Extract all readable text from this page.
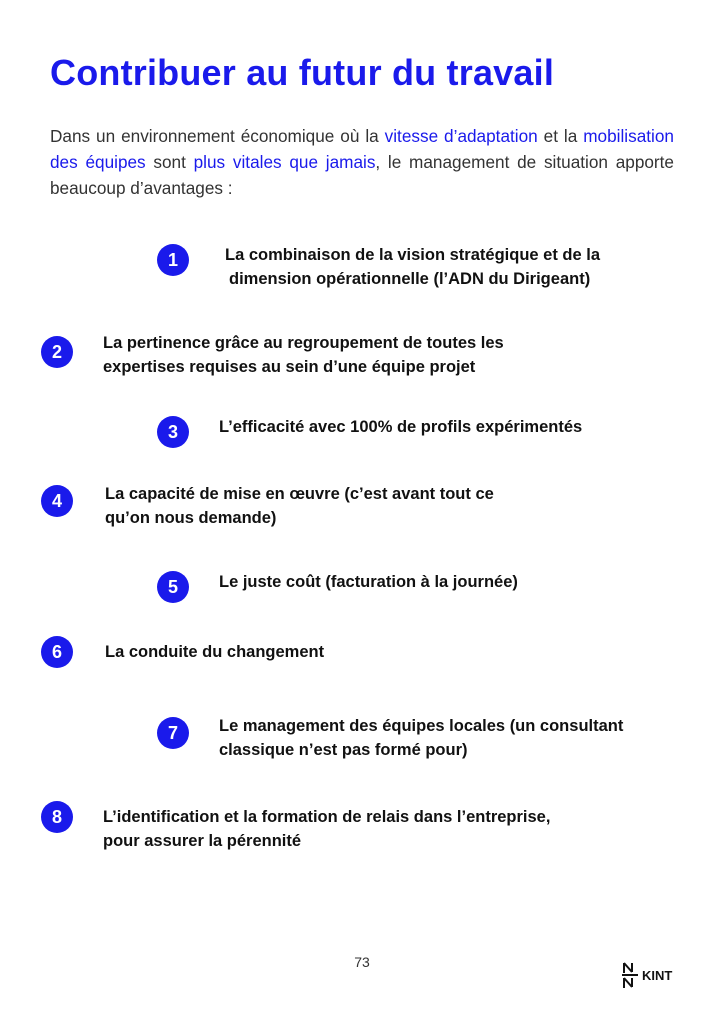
Contribuer au futur du travail

Dans un environnement économique où la vitesse d’adaptation et la mobilisation des équipes sont plus vitales que jamais, le management de situation apporte beaucoup d’avantages :

1	La combinaison de la vision stratégique et de la
dimension opérationnelle (l’ADN du Dirigeant)

2	La pertinence grâce au regroupement de toutes les
expertises requises au sein d’une équipe projet

3	L’efficacité avec 100% de profils expérimentés

4	La capacité de mise en œuvre (c’est avant tout ce
qu’on nous demande)

5	Le juste coût (facturation à la journée)

6	La conduite du changement

7	Le management des équipes locales (un consultant
classique n’est pas formé pour)

8	L’identification et la formation de relais dans l’entreprise,
pour assurer la pérennité

73
KINT
